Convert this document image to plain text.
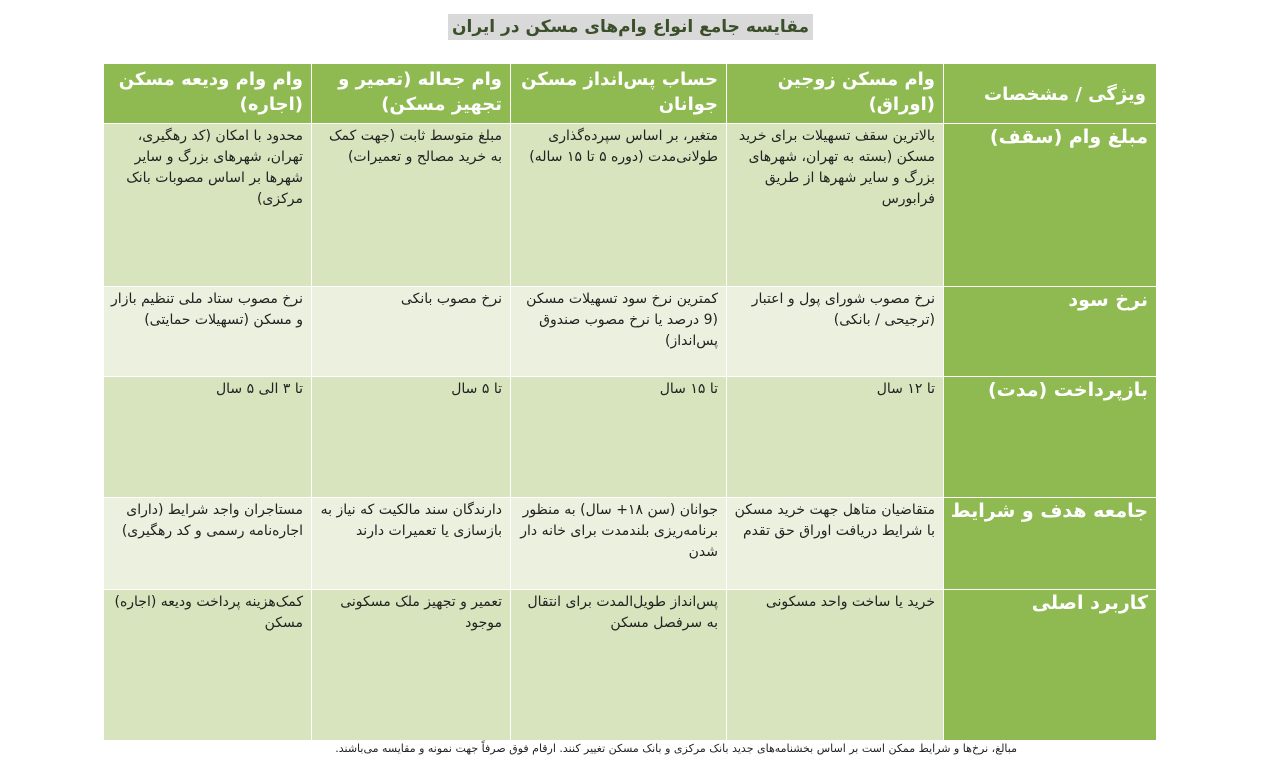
مقایسه جامع انواع وام‌های مسکن در ایران
ویژگی / مشخصات	وام مسکن زوجین (اوراق)	حساب پس‌انداز مسکن جوانان	وام جعاله (تعمیر و تجهیز مسکن)	وام وام ودیعه مسکن (اجاره)
مبلغ وام (سقف)	بالاترین سقف تسهیلات برای خرید مسکن (بسته به تهران، شهرهای بزرگ و سایر شهرها از طریق فرابورس	متغیر، بر اساس سپرده‌گذاری طولانی‌مدت (دوره ۵ تا ۱۵ ساله)	مبلغ متوسط ثابت (جهت کمک به خرید مصالح و تعمیرات)	محدود با امکان (کد رهگیری، تهران، شهرهای بزرگ و سایر شهرها بر اساس مصوبات بانک مرکزی)
نرخ سود	نرخ مصوب شورای پول و اعتبار (ترجیحی / بانکی)	کمترین نرخ سود تسهیلات مسکن (9 درصد یا نرخ مصوب صندوق پس‌انداز)	نرخ مصوب بانکی	نرخ مصوب ستاد ملی تنظیم بازار و مسکن (تسهیلات حمایتی)
بازپرداخت (مدت)	تا ۱۲ سال	تا ۱۵ سال	تا ۵ سال	تا ۳ الی ۵ سال
جامعه هدف و شرایط	متقاضیان متاهل جهت خرید مسکن با شرایط دریافت اوراق حق تقدم	جوانان (سن ۱۸+ سال) به منظور برنامه‌ریزی بلندمدت برای خانه دار شدن	دارندگان سند مالکیت که نیاز به بازسازی یا تعمیرات دارند	مستاجران واجد شرایط (دارای اجاره‌نامه رسمی و کد رهگیری)
کاربرد اصلی	خرید یا ساخت واحد مسکونی	پس‌انداز طویل‌المدت برای انتقال به سرفصل مسکن	تعمیر و تجهیز ملک مسکونی موجود	کمک‌هزینه پرداخت ودیعه (اجاره) مسکن
مبالغ، نرخ‌ها و شرایط ممکن است بر اساس بخشنامه‌های جدید بانک مرکزی و بانک مسکن تغییر کنند. ارقام فوق صرفاً جهت نمونه و مقایسه می‌باشند.
